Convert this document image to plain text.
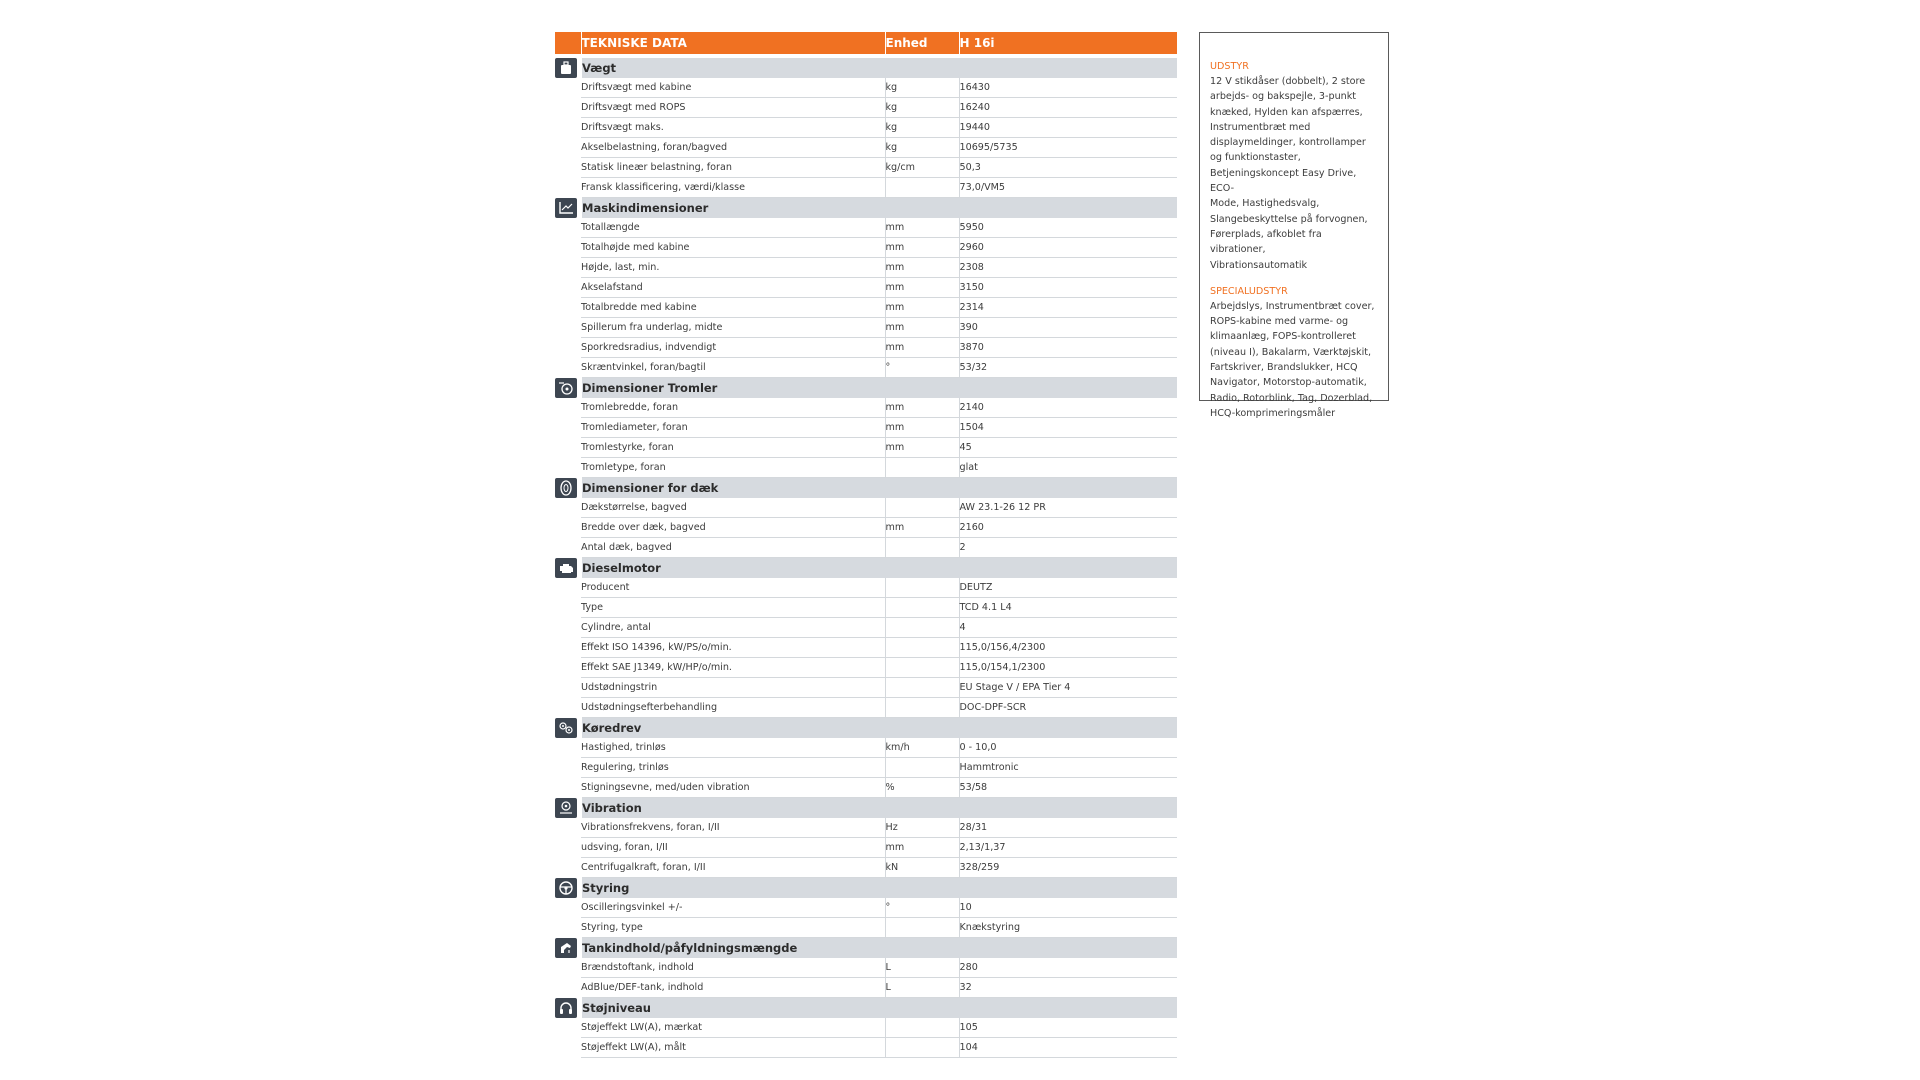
	TEKNISKE DATA	Enhed	H 16i

	Vægt		
	Driftsvægt med kabine	kg	16430
	Driftsvægt med ROPS	kg	16240
	Driftsvægt maks.	kg	19440
	Akselbelastning, foran/bagved	kg	10695/5735
	Statisk lineær belastning, foran	kg/cm	50,3
	Fransk klassificering, værdi/klasse		73,0/VM5

	Maskindimensioner		
	Totallængde	mm	5950
	Totalhøjde med kabine	mm	2960
	Højde, last, min.	mm	2308
	Akselafstand	mm	3150
	Totalbredde med kabine	mm	2314
	Spillerum fra underlag, midte	mm	390
	Sporkredsradius, indvendigt	mm	3870
	Skræntvinkel, foran/bagtil	°	53/32

	Dimensioner Tromler		
	Tromlebredde, foran	mm	2140
	Tromlediameter, foran	mm	1504
	Tromlestyrke, foran	mm	45
	Tromletype, foran		glat

	Dimensioner for dæk		
	Dækstørrelse, bagved		AW 23.1-26 12 PR
	Bredde over dæk, bagved	mm	2160
	Antal dæk, bagved		2

	Dieselmotor		
	Producent		DEUTZ
	Type		TCD 4.1 L4
	Cylindre, antal		4
	Effekt ISO 14396, kW/PS/o/min.		115,0/156,4/2300
	Effekt SAE J1349, kW/HP/o/min.		115,0/154,1/2300
	Udstødningstrin		EU Stage V / EPA Tier 4
	Udstødningsefterbehandling		DOC-DPF-SCR

	Køredrev		
	Hastighed, trinløs	km/h	0 - 10,0
	Regulering, trinløs		Hammtronic
	Stigningsevne, med/uden vibration	%	53/58

	Vibration		
	Vibrationsfrekvens, foran, I/II	Hz	28/31
	udsving, foran, I/II	mm	2,13/1,37
	Centrifugalkraft, foran, I/II	kN	328/259

	Styring		
	Oscilleringsvinkel +/-	°	10
	Styring, type		Knækstyring

	Tankindhold/påfyldningsmængde		
	Brændstoftank, indhold	L	280
	AdBlue/DEF-tank, indhold	L	32

	Støjniveau		
	Støjeffekt LW(A), mærkat		105
	Støjeffekt LW(A), målt		104
UDSTYR
12 V stikdåser (dobbelt), 2 store
arbejds- og bakspejle, 3-punkt
knæked, Hylden kan afspærres,
Instrumentbræt med
displaymeldinger, kontrollamper
og funktionstaster,
Betjeningskoncept Easy Drive, ECO-
Mode, Hastighedsvalg,
Slangebeskyttelse på forvognen,
Førerplads, afkoblet fra vibrationer,
Vibrationsautomatik
SPECIALUDSTYR
Arbejdslys, Instrumentbræt cover,
ROPS-kabine med varme- og
klimaanlæg, FOPS-kontrolleret
(niveau I), Bakalarm, Værktøjskit,
Fartskriver, Brandslukker, HCQ
Navigator, Motorstop-automatik,
Radio, Rotorblink, Tag, Dozerblad,
HCQ-komprimeringsmåler
